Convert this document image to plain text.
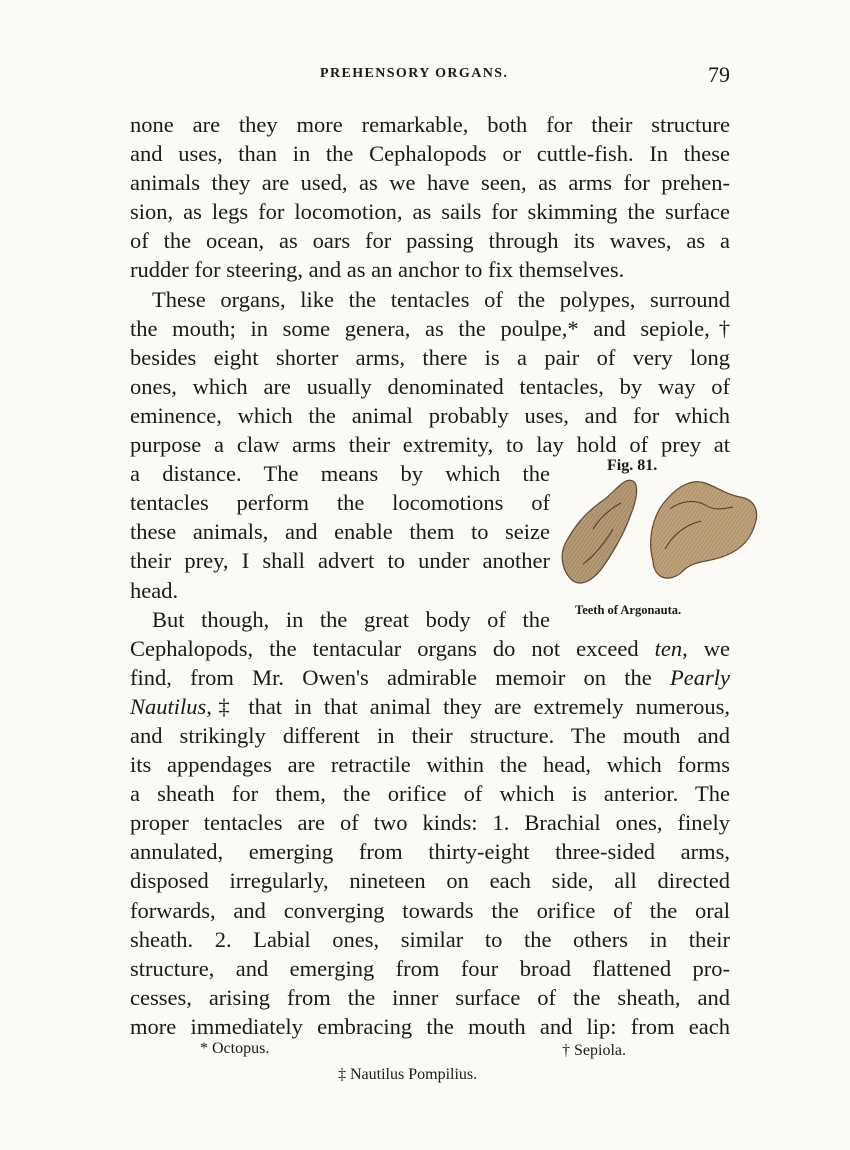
PREHENSORY ORGANS.	79

none are they more remarkable, both for their structure
and uses, than in the Cephalopods or cuttle-fish. In these
animals they are used, as we have seen, as arms for prehen-
sion, as legs for locomotion, as sails for skimming the surface
of the ocean, as oars for passing through its waves, as a
rudder for steering, and as an anchor to fix themselves.

These organs, like the tentacles of the polypes, surround
the mouth; in some genera, as the poulpe,* and sepiole,†
besides eight shorter arms, there is a pair of very long
ones, which are usually denominated tentacles, by way of
eminence, which the animal probably uses, and for which
purpose a claw arms their extremity, to lay hold of prey at
a distance. The means by which the
tentacles perform the locomotions of
these animals, and enable them to seize
their prey, I shall advert to under another
head.

But though, in the great body of the
Cephalopods, the tentacular organs do not exceed ten, we
find, from Mr. Owen's admirable memoir on the Pearly
Nautilus,‡ that in that animal they are extremely numerous,
and strikingly different in their structure. The mouth and
its appendages are retractile within the head, which forms
a sheath for them, the orifice of which is anterior. The
proper tentacles are of two kinds: 1. Brachial ones, finely
annulated, emerging from thirty-eight three-sided arms,
disposed irregularly, nineteen on each side, all directed
forwards, and converging towards the orifice of the oral
sheath. 2. Labial ones, similar to the others in their
structure, and emerging from four broad flattened pro-
cesses, arising from the inner surface of the sheath, and
more immediately embracing the mouth and lip: from each

Fig. 81.
Teeth of Argonauta.
* Octopus.	† Sepiola.
‡ Nautilus Pompilius.
